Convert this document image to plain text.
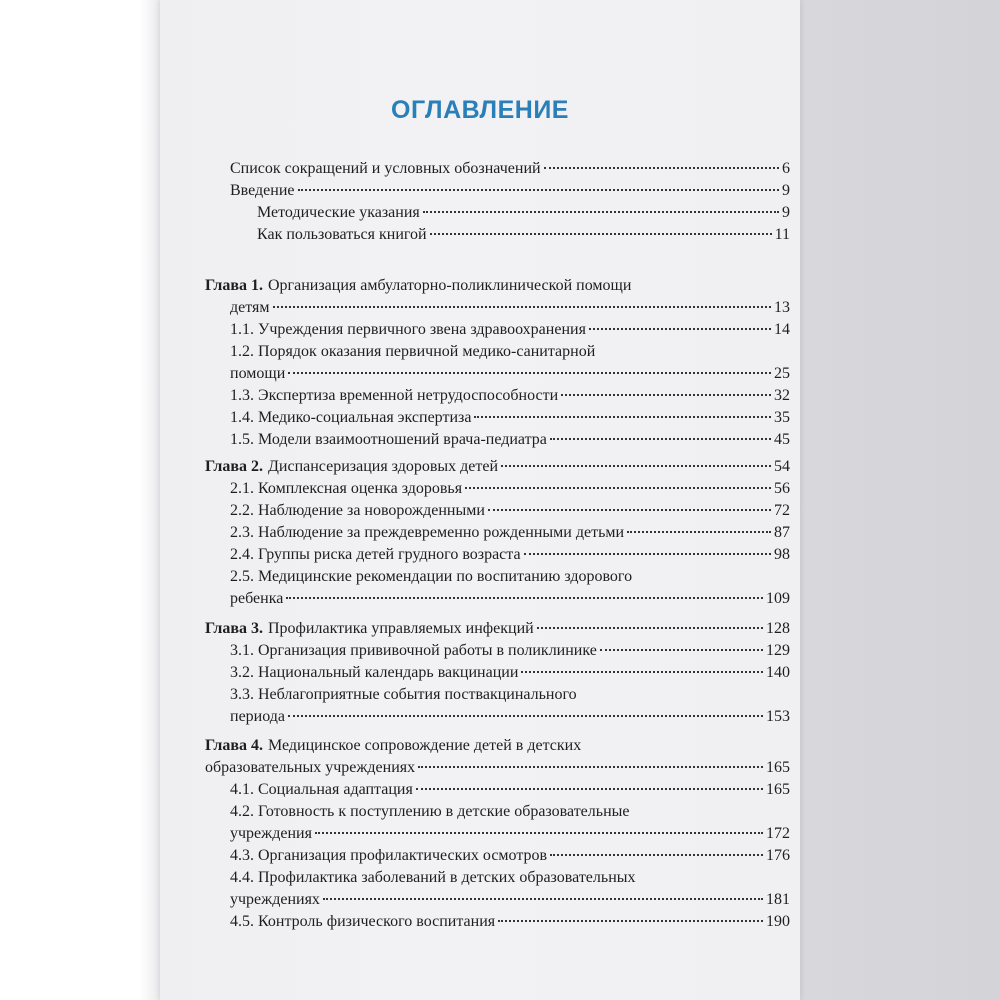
ОГЛАВЛЕНИЕ
Список сокращений и условных обозначений	6
Введение	9
Методические указания	9
Как пользоваться книгой	11
Глава 1. Организация амбулаторно-поликлинической помощи
детям	13
1.1. Учреждения первичного звена здравоохранения	14
1.2. Порядок оказания первичной медико-санитарной
помощи	25
1.3. Экспертиза временной нетрудоспособности	32
1.4. Медико-социальная экспертиза	35
1.5. Модели взаимоотношений врача-педиатра	45
Глава 2. Диспансеризация здоровых детей	54
2.1. Комплексная оценка здоровья	56
2.2. Наблюдение за новорожденными	72
2.3. Наблюдение за преждевременно рожденными детьми	87
2.4. Группы риска детей грудного возраста	98
2.5. Медицинские рекомендации по воспитанию здорового
ребенка	109
Глава 3. Профилактика управляемых инфекций	128
3.1. Организация прививочной работы в поликлинике	129
3.2. Национальный календарь вакцинации	140
3.3. Неблагоприятные события поствакцинального
периода	153
Глава 4. Медицинское сопровождение детей в детских
образовательных учреждениях	165
4.1. Социальная адаптация	165
4.2. Готовность к поступлению в детские образовательные
учреждения	172
4.3. Организация профилактических осмотров	176
4.4. Профилактика заболеваний в детских образовательных
учреждениях	181
4.5. Контроль физического воспитания	190
